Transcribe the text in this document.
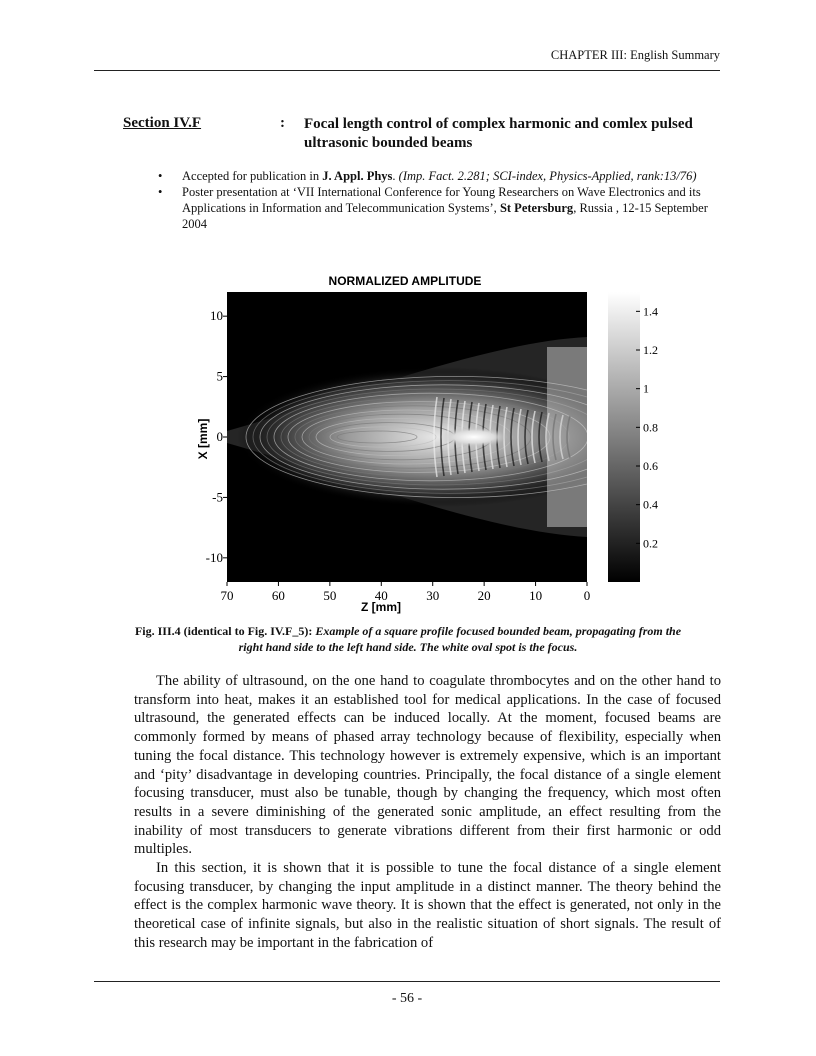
CHAPTER III: English Summary
Section IV.F	: Focal length control of complex harmonic and comlex pulsed ultrasonic bounded beams
• Accepted for publication in J. Appl. Phys. (Imp. Fact. 2.281; SCI-index, Physics-Applied, rank:13/76)
• Poster presentation at ‘VII International Conference for Young Researchers on Wave Electronics and its Applications in Information and Telecommunication Systems’, St Petersburg, Russia , 12-15 September 2004
NORMALIZED AMPLITUDE
70	60	50	40	30	20	10	0
10
5
0
-5
-10
1.4
1.2
1
0.8
0.6
0.4
0.2
Z [mm]
X [mm]
Fig. III.4 (identical to Fig. IV.F_5): Example of a square profile focused bounded beam, propagating from the right hand side to the left hand side. The white oval spot is the focus.

The ability of ultrasound, on the one hand to coagulate thrombocytes and on the other hand to transform into heat, makes it an established tool for medical applications. In the case of focused ultrasound, the generated effects can be induced locally. At the moment, focused beams are commonly formed by means of phased array technology because of flexibility, especially when tuning the focal distance. This technology however is extremely expensive, which is an important and ‘pity’ disadvantage in developing countries. Principally, the focal distance of a single element focusing transducer, must also be tunable, though by changing the frequency, which most often results in a severe diminishing of the generated sonic amplitude, an effect resulting from the inability of most transducers to generate vibrations different from their first harmonic or odd multiples.

In this section, it is shown that it is possible to tune the focal distance of a single element focusing transducer, by changing the input amplitude in a distinct manner. The theory behind the effect is the complex harmonic wave theory. It is shown that the effect is generated, not only in the theoretical case of infinite signals, but also in the realistic situation of short signals. The result of this research may be important in the fabrication of

- 56 -
